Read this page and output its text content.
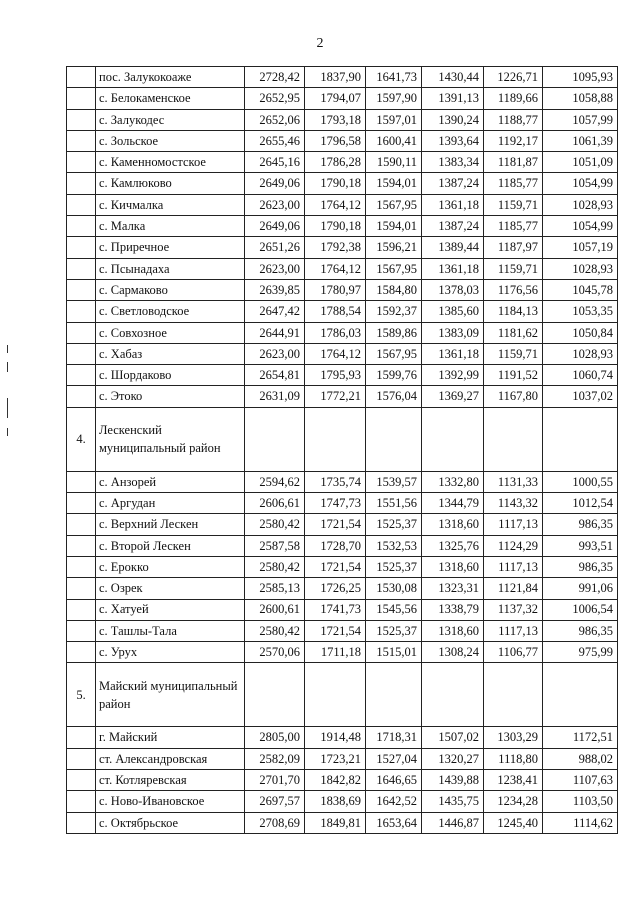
2
	пос. Залукокоаже	2728,42	1837,90	1641,73	1430,44	1226,71	1095,93
	с. Белокаменское	2652,95	1794,07	1597,90	1391,13	1189,66	1058,88
	с. Залукодес	2652,06	1793,18	1597,01	1390,24	1188,77	1057,99
	с. Зольское	2655,46	1796,58	1600,41	1393,64	1192,17	1061,39
	с. Каменномостское	2645,16	1786,28	1590,11	1383,34	1181,87	1051,09
	с. Камлюково	2649,06	1790,18	1594,01	1387,24	1185,77	1054,99
	с. Кичмалка	2623,00	1764,12	1567,95	1361,18	1159,71	1028,93
	с. Малка	2649,06	1790,18	1594,01	1387,24	1185,77	1054,99
	с. Приречное	2651,26	1792,38	1596,21	1389,44	1187,97	1057,19
	с. Псынадаха	2623,00	1764,12	1567,95	1361,18	1159,71	1028,93
	с. Сармаково	2639,85	1780,97	1584,80	1378,03	1176,56	1045,78
	с. Светловодское	2647,42	1788,54	1592,37	1385,60	1184,13	1053,35
	с. Совхозное	2644,91	1786,03	1589,86	1383,09	1181,62	1050,84
	с. Хабаз	2623,00	1764,12	1567,95	1361,18	1159,71	1028,93
	с. Шордаково	2654,81	1795,93	1599,76	1392,99	1191,52	1060,74
	с. Этоко	2631,09	1772,21	1576,04	1369,27	1167,80	1037,02
4.	Лескенский муниципальный район						
	с. Анзорей	2594,62	1735,74	1539,57	1332,80	1131,33	1000,55
	с. Аргудан	2606,61	1747,73	1551,56	1344,79	1143,32	1012,54
	с. Верхний Лескен	2580,42	1721,54	1525,37	1318,60	1117,13	986,35
	с. Второй Лескен	2587,58	1728,70	1532,53	1325,76	1124,29	993,51
	с. Ерокко	2580,42	1721,54	1525,37	1318,60	1117,13	986,35
	с. Озрек	2585,13	1726,25	1530,08	1323,31	1121,84	991,06
	с. Хатуей	2600,61	1741,73	1545,56	1338,79	1137,32	1006,54
	с. Ташлы-Тала	2580,42	1721,54	1525,37	1318,60	1117,13	986,35
	с. Урух	2570,06	1711,18	1515,01	1308,24	1106,77	975,99
5.	Майский муниципальный район						
	г. Майский	2805,00	1914,48	1718,31	1507,02	1303,29	1172,51
	ст. Александровская	2582,09	1723,21	1527,04	1320,27	1118,80	988,02
	ст. Котляревская	2701,70	1842,82	1646,65	1439,88	1238,41	1107,63
	с. Ново-Ивановское	2697,57	1838,69	1642,52	1435,75	1234,28	1103,50
	с. Октябрьское	2708,69	1849,81	1653,64	1446,87	1245,40	1114,62
